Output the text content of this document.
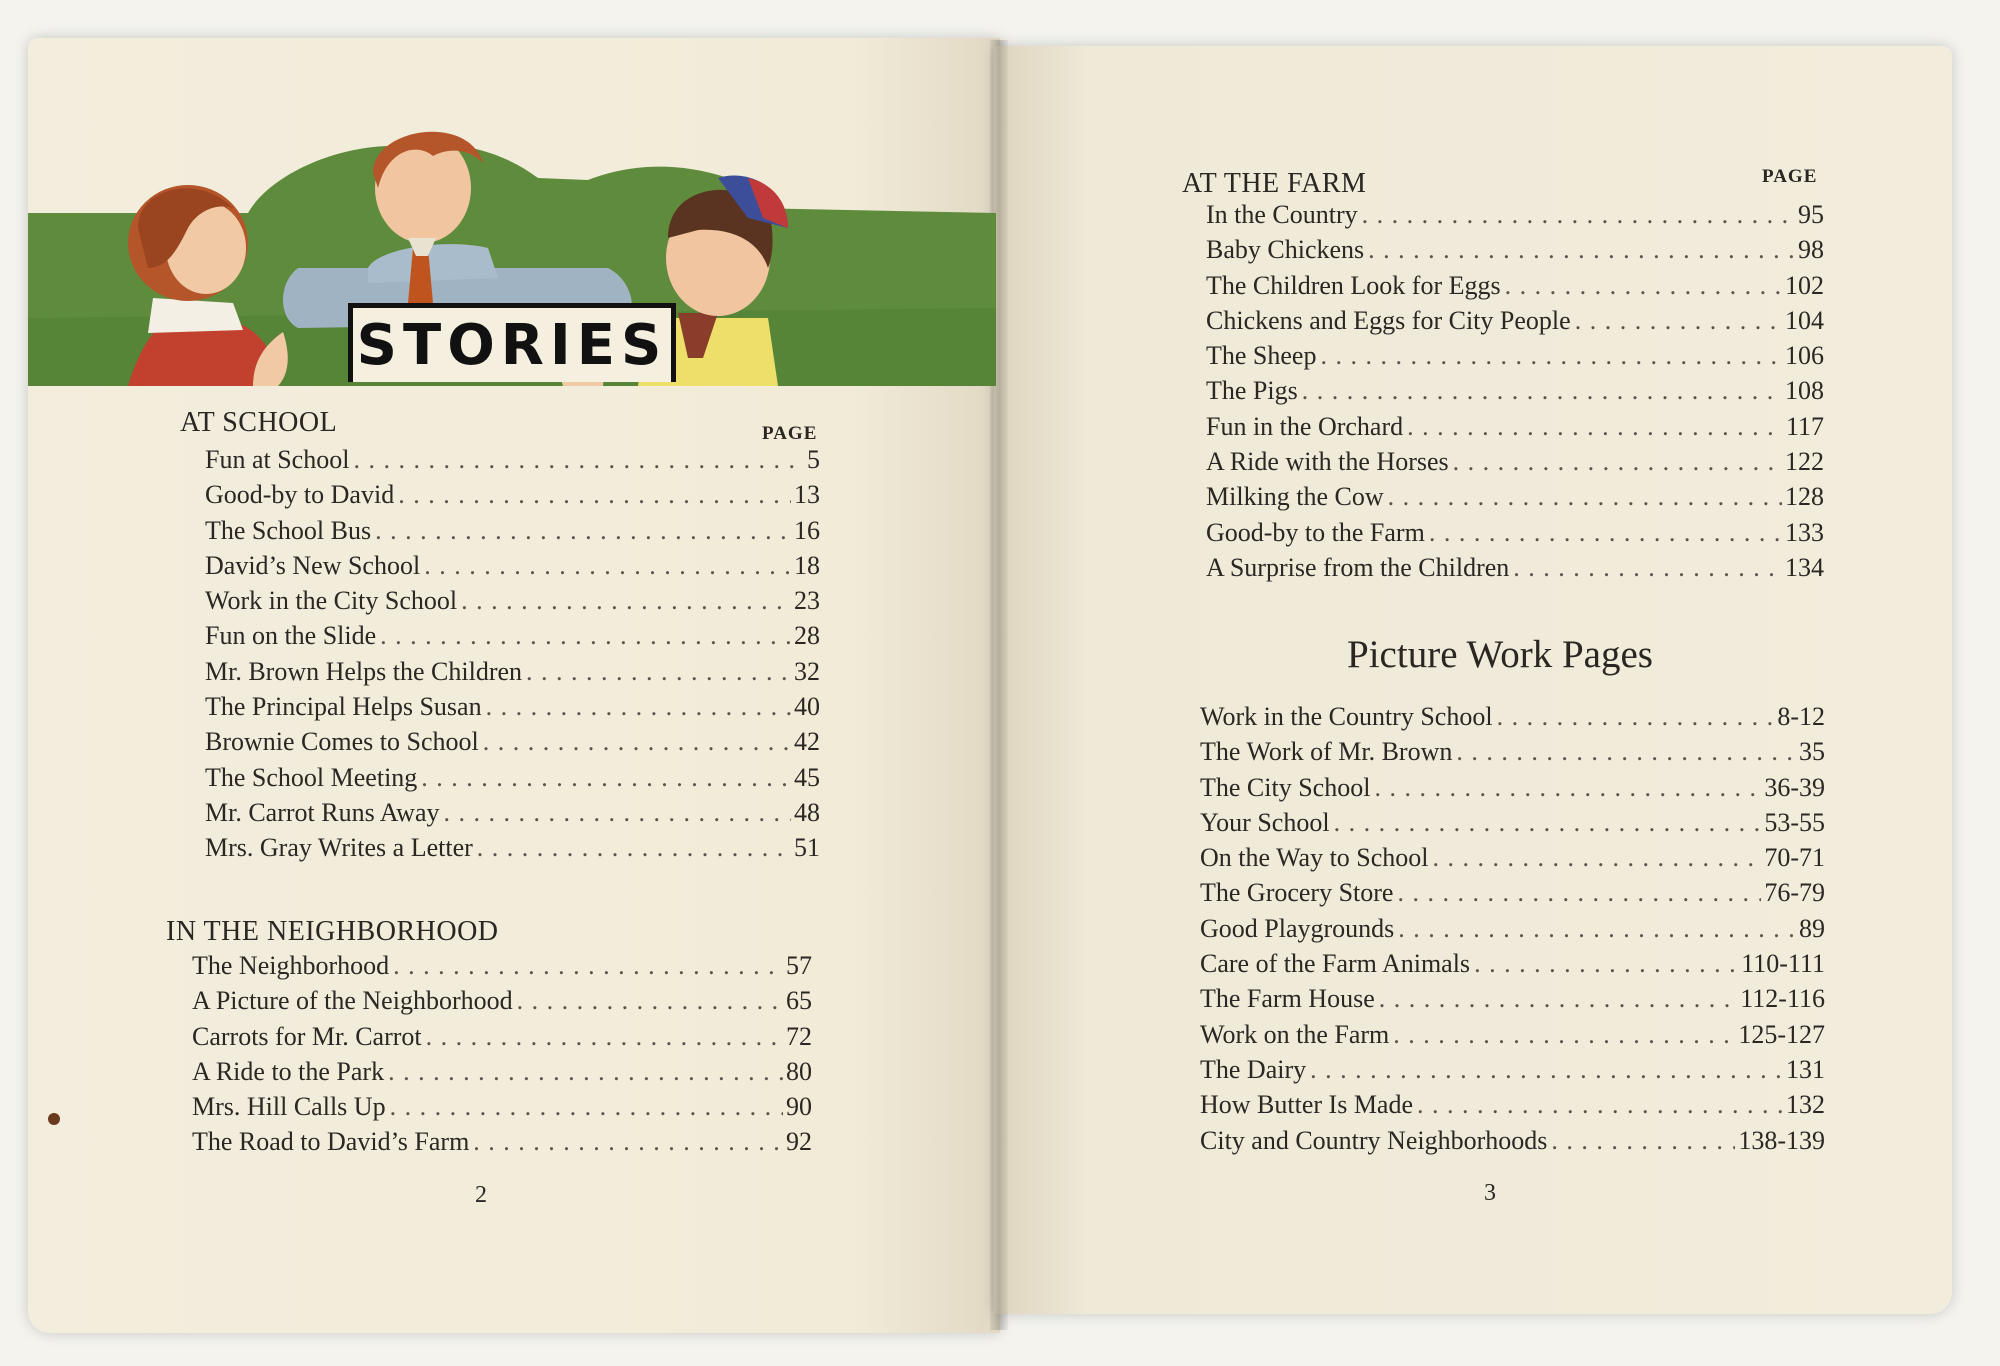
STORIES
AT SCHOOL	PAGE
Fun at School . . .	5
Good-by to David . . .	13
The School Bus . . .	16
David’s New School . . .	18
Work in the City School . . .	23
Fun on the Slide . . .	28
Mr. Brown Helps the Children . . .	32
The Principal Helps Susan . . .	40
Brownie Comes to School . . .	42
The School Meeting . . .	45
Mr. Carrot Runs Away . . .	48
Mrs. Gray Writes a Letter . . .	51
IN THE NEIGHBORHOOD
The Neighborhood . . .	57
A Picture of the Neighborhood . . .	65
Carrots for Mr. Carrot . . .	72
A Ride to the Park . . .	80
Mrs. Hill Calls Up . . .	90
The Road to David’s Farm . . .	92
2
AT THE FARM	PAGE
In the Country . . .	95
Baby Chickens . . .	98
The Children Look for Eggs . . .	102
Chickens and Eggs for City People . . .	104
The Sheep . . .	106
The Pigs . . .	108
Fun in the Orchard . . .	117
A Ride with the Horses . . .	122
Milking the Cow . . .	128
Good-by to the Farm . . .	133
A Surprise from the Children . . .	134
Picture Work Pages
Work in the Country School . . .	8-12
The Work of Mr. Brown . . .	35
The City School . . .	36-39
Your School . . .	53-55
On the Way to School . . .	70-71
The Grocery Store . . .	76-79
Good Playgrounds . . .	89
Care of the Farm Animals . . .	110-111
The Farm House . . .	112-116
Work on the Farm . . .	125-127
The Dairy . . .	131
How Butter Is Made . . .	132
City and Country Neighborhoods . . .	138-139
3
